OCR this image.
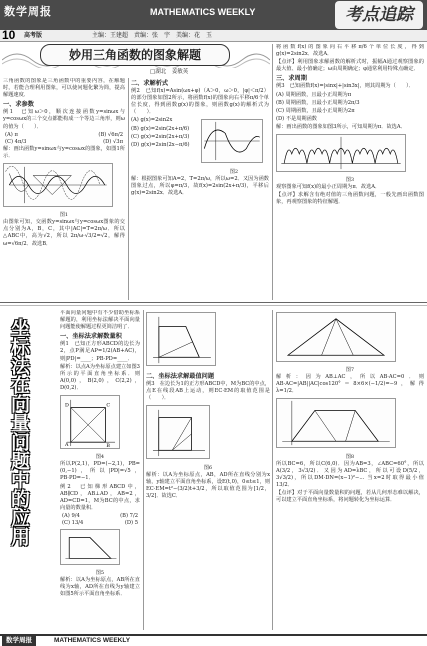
数学周报	MATHEMATICS WEEKLY	考点追踪
10 高考版	主编：王建超　责编：张　宇　美编：花　玉
妙用三角函数的图象解题
□湖北　姜敏英

三角函数的图象是三角函数中的重要内容，在解题时，若能合理利用图象，可以使问题化繁为简，提高解题速度．

一、求参数

例1　已知ω＞0，顺次连接函数y=sinωx与y=cosωx的三个交点都能构成一个等边三角形，则ω的值为（　　）．

(A) π	(B) √6π/2
(C) 4π/3	(D) √3π

解：画出函数y=sinωx与y=cosωx的图象，如图1所示．

图1

由图象可知，交函数y=sinωx与y=cosωx图象的交点分别为A，B，C，其中|AC|=T=2π/ω．所以△ABC中，高为√2，所以 2π/ω·√3/2=√2，解得ω=√6π/2．故选B．

二、求解析式

例2　已知f(x)=Asin(ωx+φ)（A＞0，ω＞0，|φ|＜π/2）的部分图象如图2所示，将函数f(x)的图象向右平移π/6个单位长度，得到函数g(x)的图象，则函数g(x)的解析式为（　　）．

(A) g(x)=2sin2x

(B) g(x)=2sin(2x+π/6)

(C) g(x)=2sin(2x+π/3)

(D) g(x)=2sin(2x−π/6)

图2

解：根据图象可知A=2，T=2π/ω，所以ω=2．又因为函数图象过点，所以φ=π/3，故f(x)=2sin(2x+π/3)，平移后g(x)=2sin2x．故选A．

将函数f(x)的图象向右平移π/6个单位长度，得到 g(x)=2sin2x．故选A．

【点评】利用图象求解函数的解析式时，振幅A通过观察图象的最大值、最小值确定；ω由周期确定；φ通常利用特殊点确定．

三、求周期

例3　已知函数f(x)=|sinx|+|sin3x|，则其周期为（　　）．

(A) 周期函数，且最小正周期为π

(B) 周期函数，且最小正周期为2π/3

(C) 周期函数，且最小正周期为2π

(D) 不是周期函数

解：画出函数的图象如图3所示，可知周期为π．故选A．

图3

观察图象可知f(x)的最小正周期为π．故选A．

【点评】求解含有绝对值的三角函数问题，一般先画出函数图象，再观察图象的特征解题．

坐标法
在向量
问题中
的应用

平面向量问题中有不少借助坐标系解题的，利用坐标法解决平面向量问题能使解题过程更简洁明了．

一、坐标法求解数量积

例1　已知正方形ABCD的边长为2，点P满足AP=1/2(AB+AC)，则|PD|=____；PB·PD=____．

解析：以点A为坐标原点建立如图3所示的平面直角坐标系．则A(0,0)，B(2,0)，C(2,2)，D(0,2)．

A	B
C
D
图4

所以P(2,1)，PD=(−2,1)，PB=(0,−1)，所以|PD|=√5，PB·PD=−1．

例2　已知梯形ABCD中，AB∥CD，AB⊥AD，AB=2，AD=CD=1，M为BC的中点，求向量的数量积．

(A) 9/4	(B) 7/2
(C) 13/4	(D) 5
图5

解析：以A为坐标原点，AB所在直线为x轴，AD所在直线为y轴建立如图5所示平面直角坐标系．

二、坐标法求解最值问题

例3　在边长为1的正方形ABCD中，M为BC的中点，点E在线段AB上运动，则EC·EM的取值范围是（　　）．

图6

解析：以A为坐标原点，AB，AD所在直线分别为x轴，y轴建立平面直角坐标系，设E(t,0)，0≤t≤1，则EC·EM=t²−(3/2)t+3/2，所以取值范围为[1/2，3/2]．故选C．

图7

解析：因为AB⊥AC，所以AB·AC=0．则AB·AC=|AB||AC|cos120°＝8×6×(−1/2)=−9，解得λ=1/2．

图8

所以BC=6，所以C(6,0)．因为AB=3，∠ABC=60°，所以A(3/2，3√3/2)．又因为AD=λBC，所以可设D(5/2，3√3/2)，所以DM·DN=(x−1)²−... 当x=2时取得最小值13/2．

【点评】对于平面向量数量积的问题，若从几何形态难以解决，可以建立平面直角坐标系，将问题转化为坐标运算．

数学周报	MATHEMATICS WEEKLY
